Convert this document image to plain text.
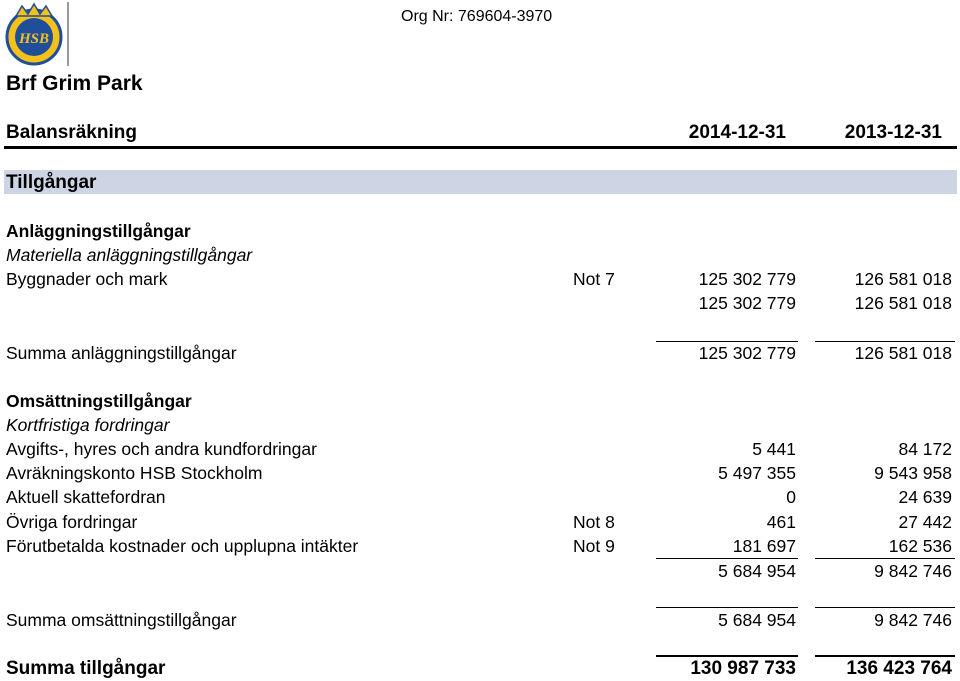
HSB
Org Nr: 769604-3970
Brf Grim Park
Balansräkning	2014-12-31	2013-12-31
Tillgångar
Anläggningstillgångar
Materiella anläggningstillgångar
Byggnader och mark	Not 7	125 302 779	126 581 018
125 302 779	126 581 018
Summa anläggningstillgångar	125 302 779	126 581 018
Omsättningstillgångar
Kortfristiga fordringar
Avgifts-, hyres och andra kundfordringar	5 441	84 172
Avräkningskonto HSB Stockholm	5 497 355	9 543 958
Aktuell skattefordran	0	24 639
Övriga fordringar	Not 8	461	27 442
Förutbetalda kostnader och upplupna intäkter	Not 9	181 697	162 536
5 684 954	9 842 746
Summa omsättningstillgångar	5 684 954	9 842 746
Summa tillgångar	130 987 733	136 423 764
